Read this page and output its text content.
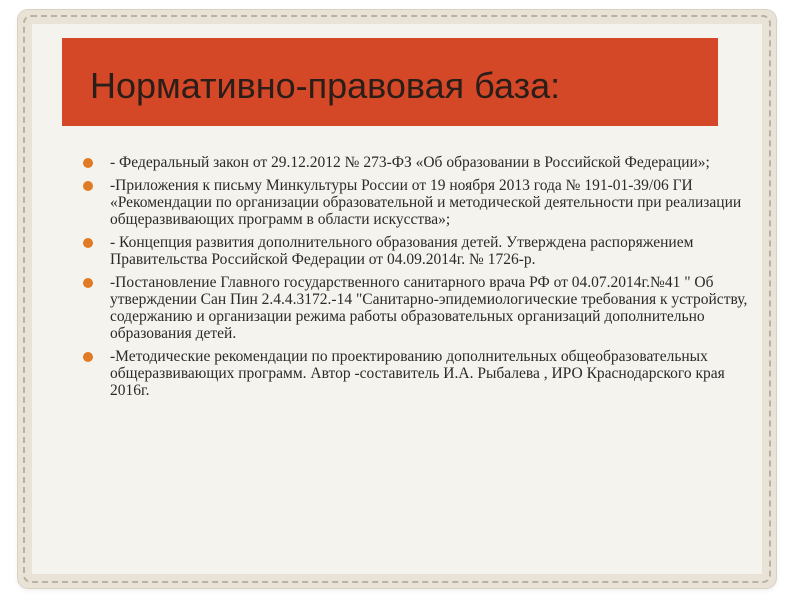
Нормативно-правовая база:
- Федеральный закон от 29.12.2012 № 273-ФЗ «Об образовании в Российской Федерации»;
-Приложения к письму Минкультуры России от 19 ноября 2013 года № 191-01-39/06 ГИ «Рекомендации по организации образовательной и методической деятельности при реализации общеразвивающих программ в области искусства»;
- Концепция развития дополнительного образования детей. Утверждена распоряжением Правительства Российской Федерации от 04.09.2014г. № 1726-р.
-Постановление Главного государственного санитарного врача РФ от 04.07.2014г.№41 " Об утверждении Сан Пин 2.4.4.3172.-14 "Санитарно-эпидемиологические требования к устройству, содержанию и организации режима работы образовательных организаций дополнительно образования детей.
-Методические рекомендации по проектированию дополнительных общеобразовательных общеразвивающих программ. Автор -составитель И.А. Рыбалева , ИРО Краснодарского края 2016г.
